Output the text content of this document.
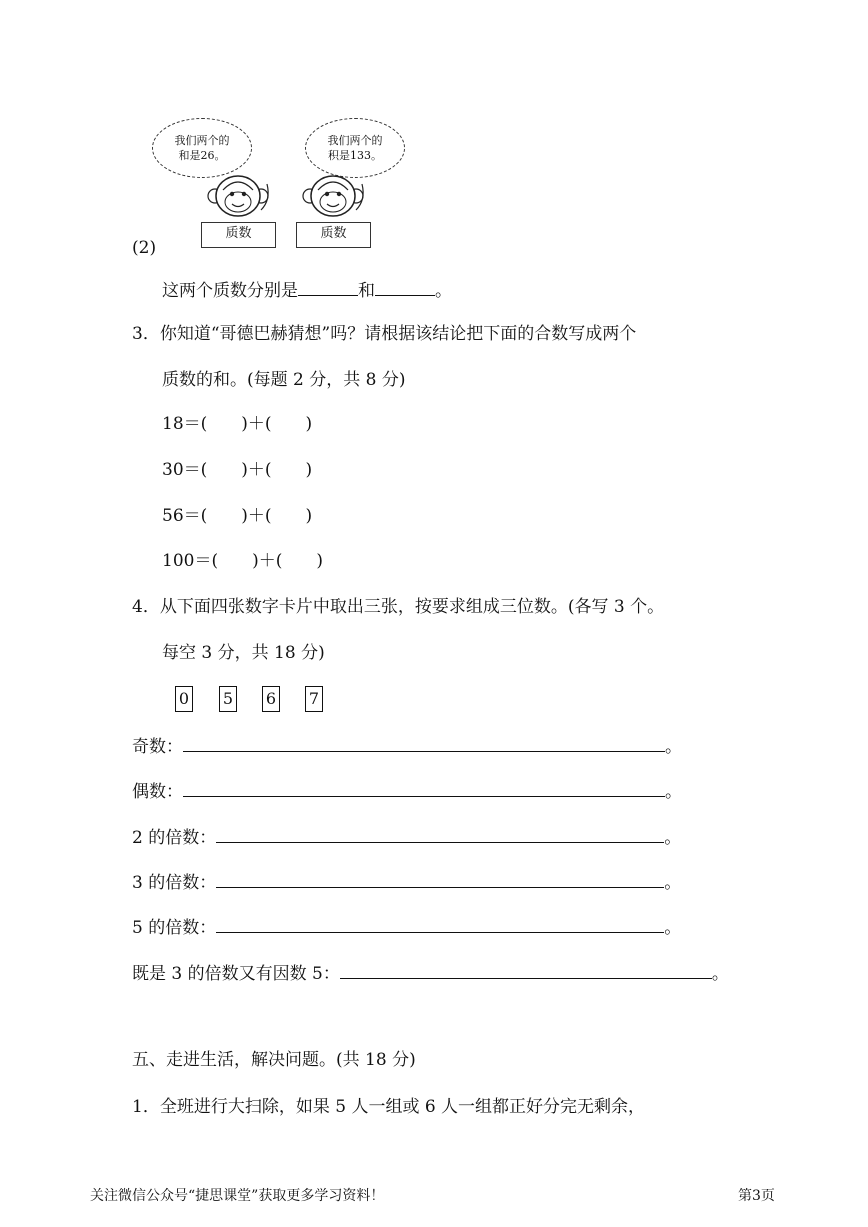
我们两个的
和是26。
我们两个的
积是133。
质数	质数
(2)
这两个质数分别是	和	。
3．你知道“哥德巴赫猜想”吗？请根据该结论把下面的合数写成两个
质数的和。(每题 2 分，共 8 分)
18＝(　　)＋(　　)
30＝(　　)＋(　　)
56＝(　　)＋(　　)
100＝(　　)＋(　　)
4．从下面四张数字卡片中取出三张，按要求组成三位数。(各写 3 个。
每空 3 分，共 18 分)
0 5 6 7
奇数：	。
偶数：	。
2 的倍数：	。
3 的倍数：	。
5 的倍数：	。
既是 3 的倍数又有因数 5：	。
五、走进生活，解决问题。(共 18 分)
1．全班进行大扫除，如果 5 人一组或 6 人一组都正好分完无剩余，
关注微信公众号“捷思课堂”获取更多学习资料！	第3页
